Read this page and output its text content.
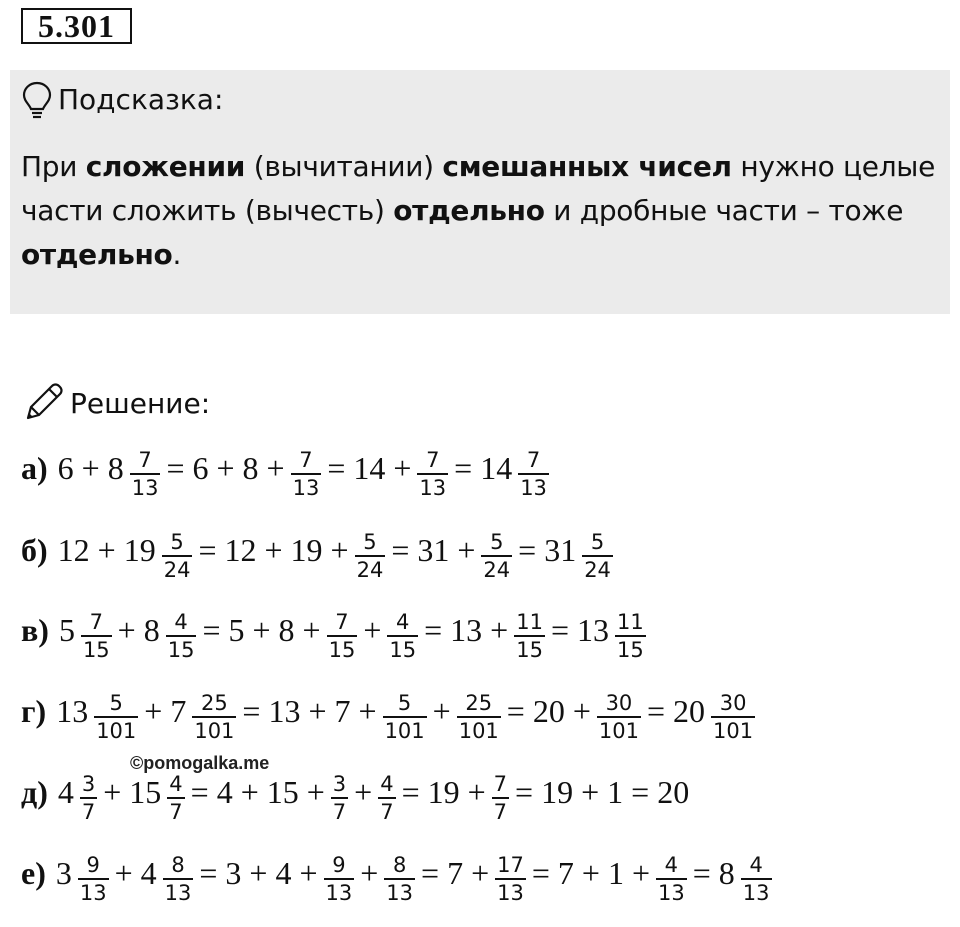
5.301
Подсказка:
При сложении (вычитании) смешанных чисел нужно целые части сложить (вычесть) отдельно и дробные части – тоже отдельно.
Решение:
а) $6 + 8 \frac{7}{13} = 6 + 8 + \frac{7}{13} = 14 + \frac{7}{13} = 14 \frac{7}{13}$
б) $12 + 19 \frac{5}{24} = 12 + 19 + \frac{5}{24} = 31 + \frac{5}{24} = 31 \frac{5}{24}$
в) $5 \frac{7}{15} + 8 \frac{4}{15} = 5 + 8 + \frac{7}{15} + \frac{4}{15} = 13 + \frac{11}{15} = 13 \frac{11}{15}$
г) $13 \frac{5}{101} + 7 \frac{25}{101} = 13 + 7 + \frac{5}{101} + \frac{25}{101} = 20 + \frac{30}{101} = 20 \frac{30}{101}$
д) $4 \frac{3}{7} + 15 \frac{4}{7} = 4 + 15 + \frac{3}{7} + \frac{4}{7} = 19 + \frac{7}{7} = 19 + 1 = 20$
е) $3 \frac{9}{13} + 4 \frac{8}{13} = 3 + 4 + \frac{9}{13} + \frac{8}{13} = 7 + \frac{17}{13} = 7 + 1 + \frac{4}{13} = 8 \frac{4}{13}$
©pomogalka.me
